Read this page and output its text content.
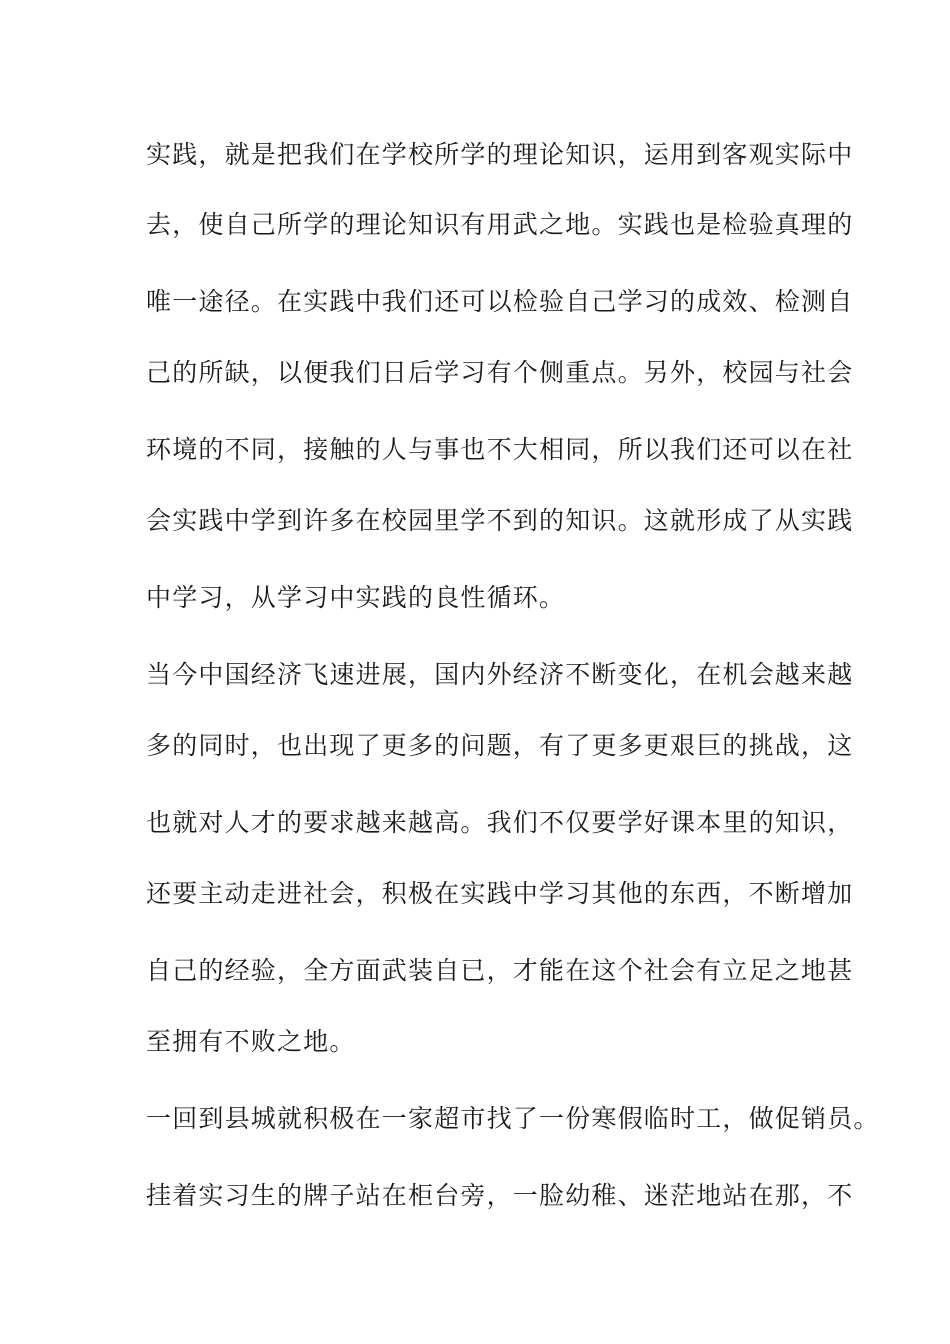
实践，就是把我们在学校所学的理论知识，运用到客观实际中
去，使自己所学的理论知识有用武之地。实践也是检验真理的
唯一途径。在实践中我们还可以检验自己学习的成效、检测自
己的所缺，以便我们日后学习有个侧重点。另外，校园与社会
环境的不同，接触的人与事也不大相同，所以我们还可以在社
会实践中学到许多在校园里学不到的知识。这就形成了从实践
中学习，从学习中实践的良性循环。
当今中国经济飞速进展，国内外经济不断变化，在机会越来越
多的同时，也出现了更多的问题，有了更多更艰巨的挑战，这
也就对人才的要求越来越高。我们不仅要学好课本里的知识，
还要主动走进社会，积极在实践中学习其他的东西，不断增加
自己的经验，全方面武装自已，才能在这个社会有立足之地甚
至拥有不败之地。
一回到县城就积极在一家超市找了一份寒假临时工，做促销员。
挂着实习生的牌子站在柜台旁，一脸幼稚、迷茫地站在那，不
